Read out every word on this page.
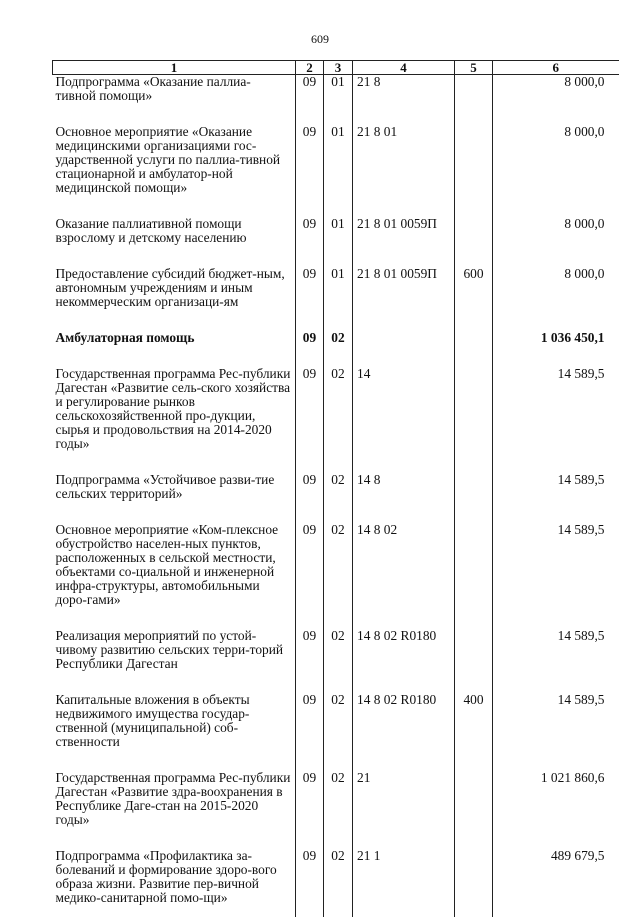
609
1	2	3	4	5	6
Подпрограмма «Оказание паллиа-тивной помощи»	09	01	21 8		8 000,0
Основное мероприятие «Оказание медицинскими организациями гос-ударственной услуги по паллиа-тивной стационарной и амбулатор-ной медицинской помощи»	09	01	21 8 01		8 000,0
Оказание паллиативной помощи взрослому и детскому населению	09	01	21 8 01 0059П		8 000,0
Предоставление субсидий бюджет-ным, автономным учреждениям и иным некоммерческим организаци-ям	09	01	21 8 01 0059П	600	8 000,0
Амбулаторная помощь	09	02			1 036 450,1
Государственная программа Рес-публики Дагестан «Развитие сель-ского хозяйства и регулирование рынков сельскохозяйственной про-дукции, сырья и продовольствия на 2014-2020 годы»	09	02	14		14 589,5
Подпрограмма «Устойчивое разви-тие сельских территорий»	09	02	14 8		14 589,5
Основное мероприятие «Ком-плексное обустройство населен-ных пунктов, расположенных в сельской местности, объектами со-циальной и инженерной инфра-структуры, автомобильными доро-гами»	09	02	14 8 02		14 589,5
Реализация мероприятий по устой-чивому развитию сельских терри-торий Республики Дагестан	09	02	14 8 02 R0180		14 589,5
Капитальные вложения в объекты недвижимого имущества государ-ственной (муниципальной) соб-ственности	09	02	14 8 02 R0180	400	14 589,5
Государственная программа Рес-публики Дагестан «Развитие здра-воохранения в Республике Даге-стан на 2015-2020 годы»	09	02	21		1 021 860,6
Подпрограмма «Профилактика за-болеваний и формирование здоро-вого образа жизни. Развитие пер-вичной медико-санитарной помо-щи»	09	02	21 1		489 679,5
